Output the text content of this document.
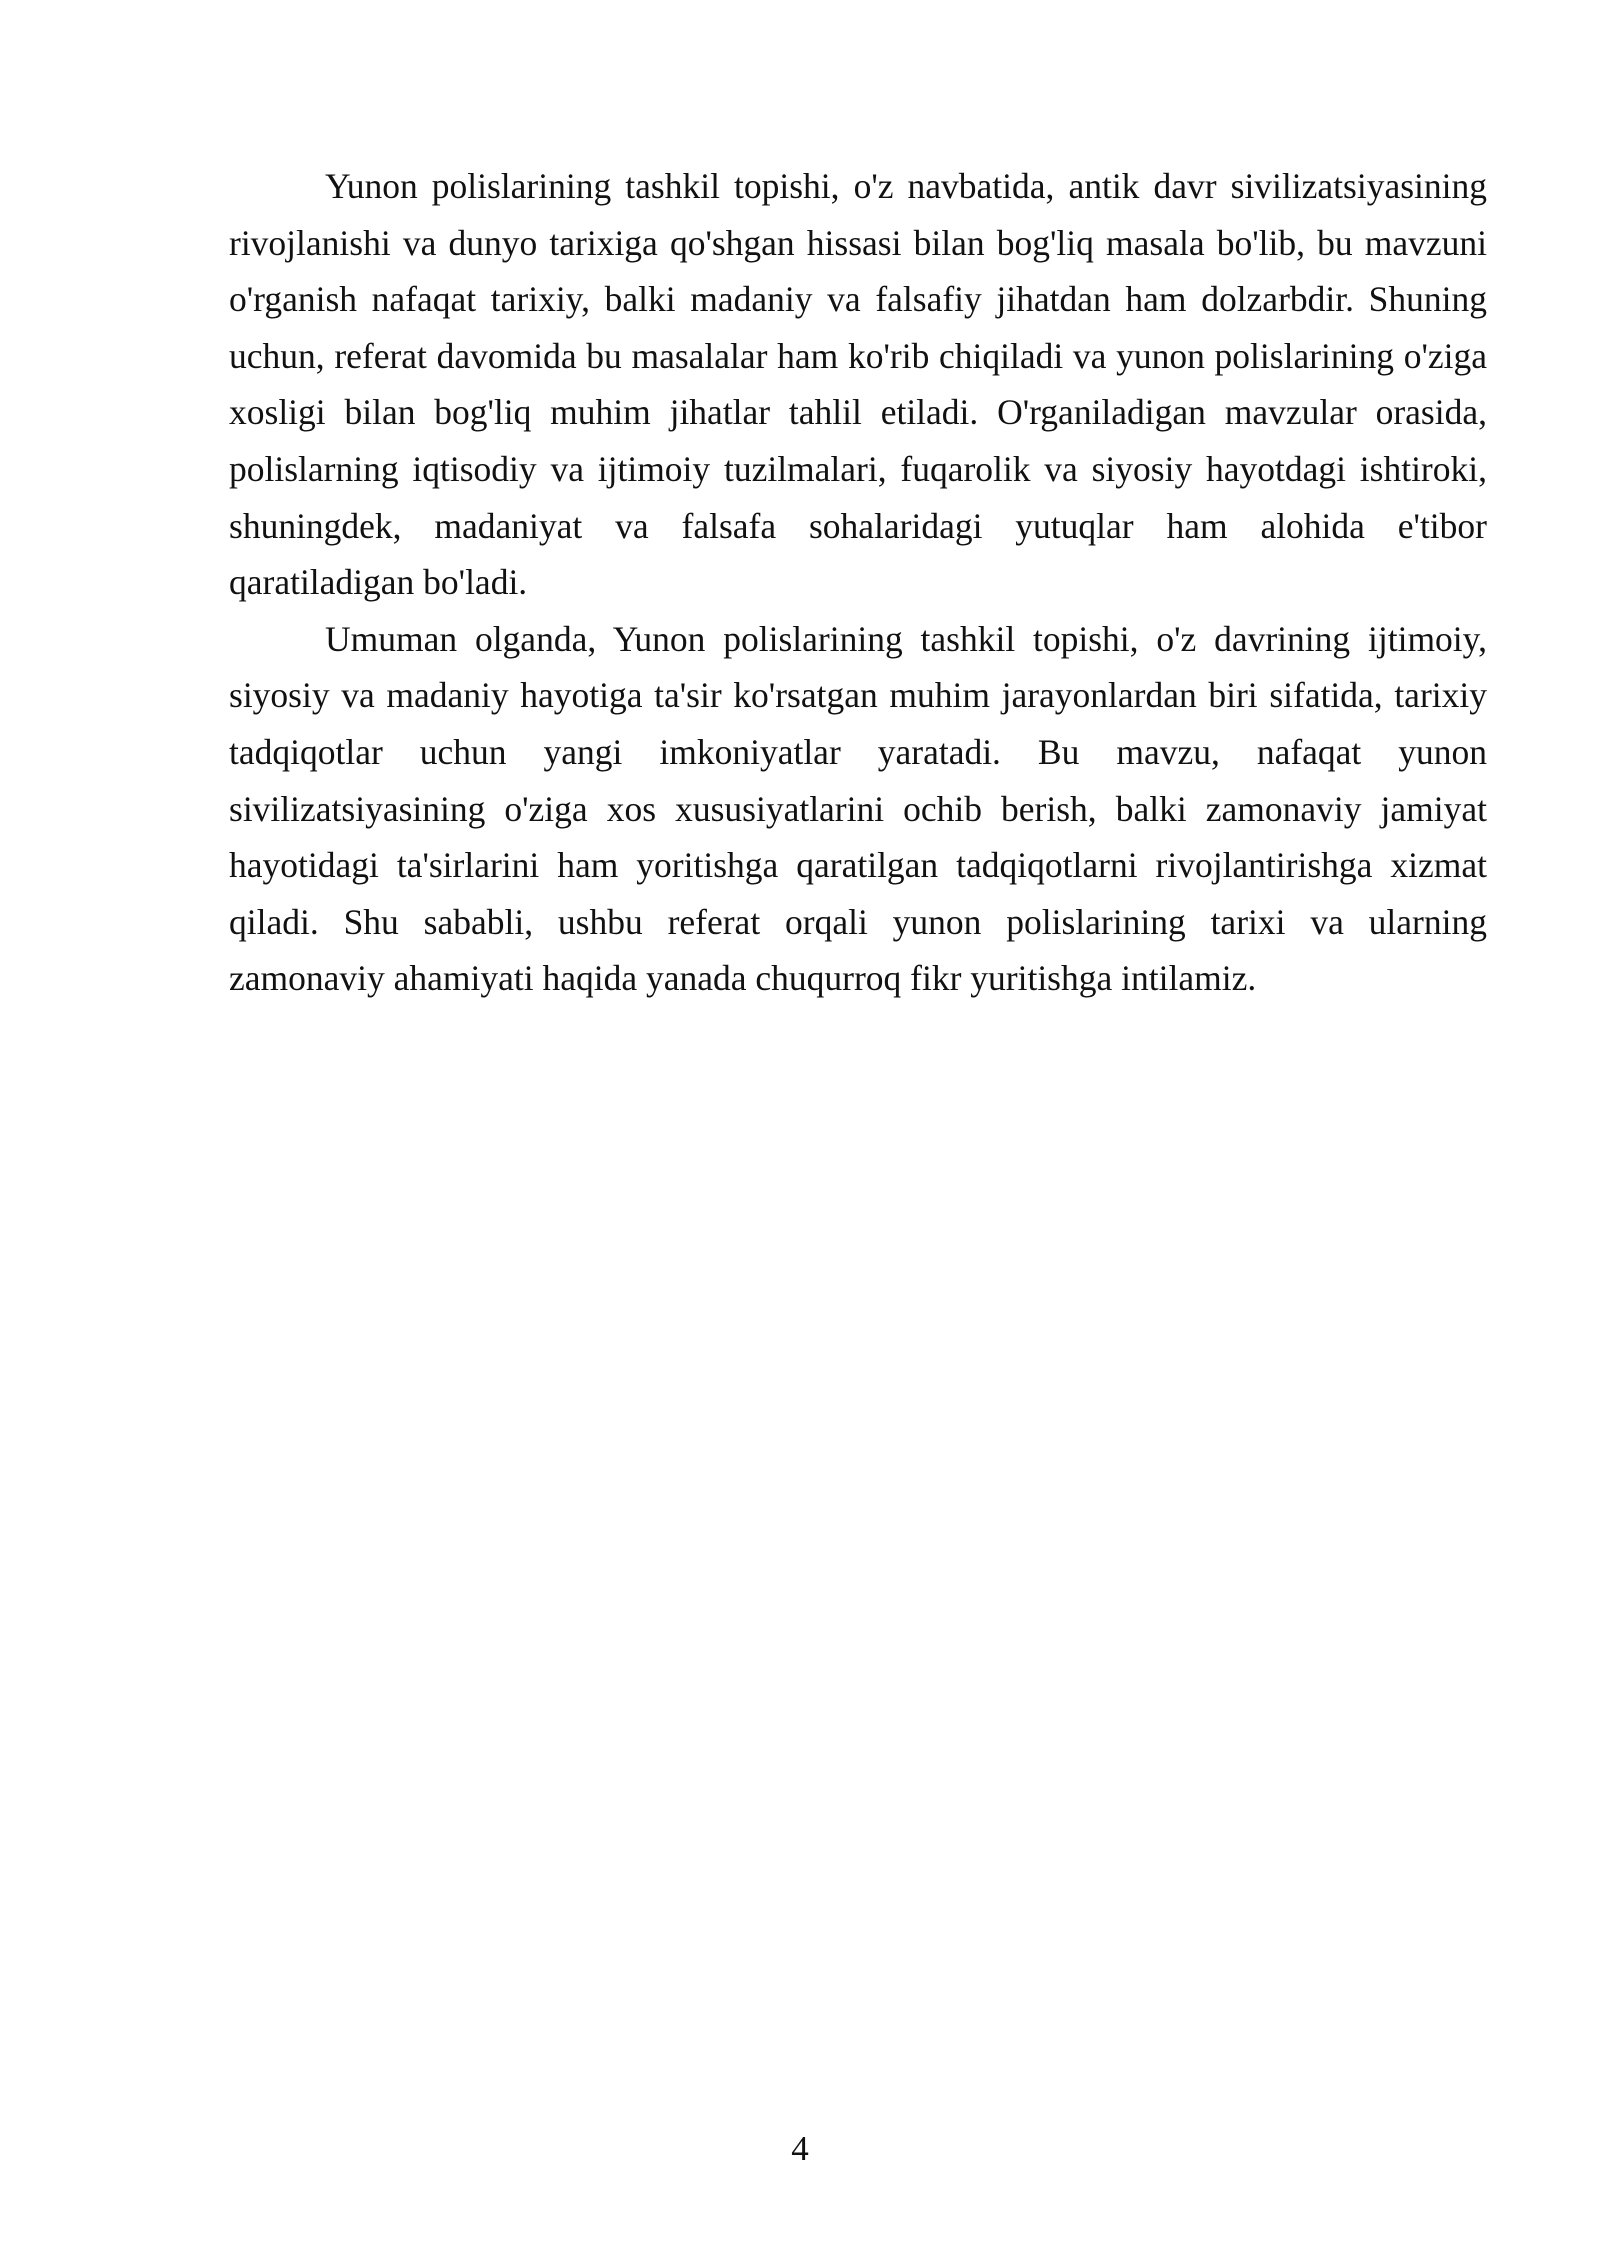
Yunon polislarining tashkil topishi, o'z navbatida, antik davr sivilizatsiyasining rivojlanishi va dunyo tarixiga qo'shgan hissasi bilan bog'liq masala bo'lib, bu mavzuni o'rganish nafaqat tarixiy, balki madaniy va falsafiy jihatdan ham dolzarbdir. Shuning uchun, referat davomida bu masalalar ham ko'rib chiqiladi va yunon polislarining o'ziga xosligi bilan bog'liq muhim jihatlar tahlil etiladi. O'rganiladigan mavzular orasida, polislarning iqtisodiy va ijtimoiy tuzilmalari, fuqarolik va siyosiy hayotdagi ishtiroki, shuningdek, madaniyat va falsafa sohalaridagi yutuqlar ham alohida e'tibor qaratiladigan bo'ladi.

Umuman olganda, Yunon polislarining tashkil topishi, o'z davrining ijtimoiy, siyosiy va madaniy hayotiga ta'sir ko'rsatgan muhim jarayonlardan biri sifatida, tarixiy tadqiqotlar uchun yangi imkoniyatlar yaratadi. Bu mavzu, nafaqat yunon sivilizatsiyasining o'ziga xos xususiyatlarini ochib berish, balki zamonaviy jamiyat hayotidagi ta'sirlarini ham yoritishga qaratilgan tadqiqotlarni rivojlantirishga xizmat qiladi. Shu sababli, ushbu referat orqali yunon polislarining tarixi va ularning zamonaviy ahamiyati haqida yanada chuqurroq fikr yuritishga intilamiz.

4
